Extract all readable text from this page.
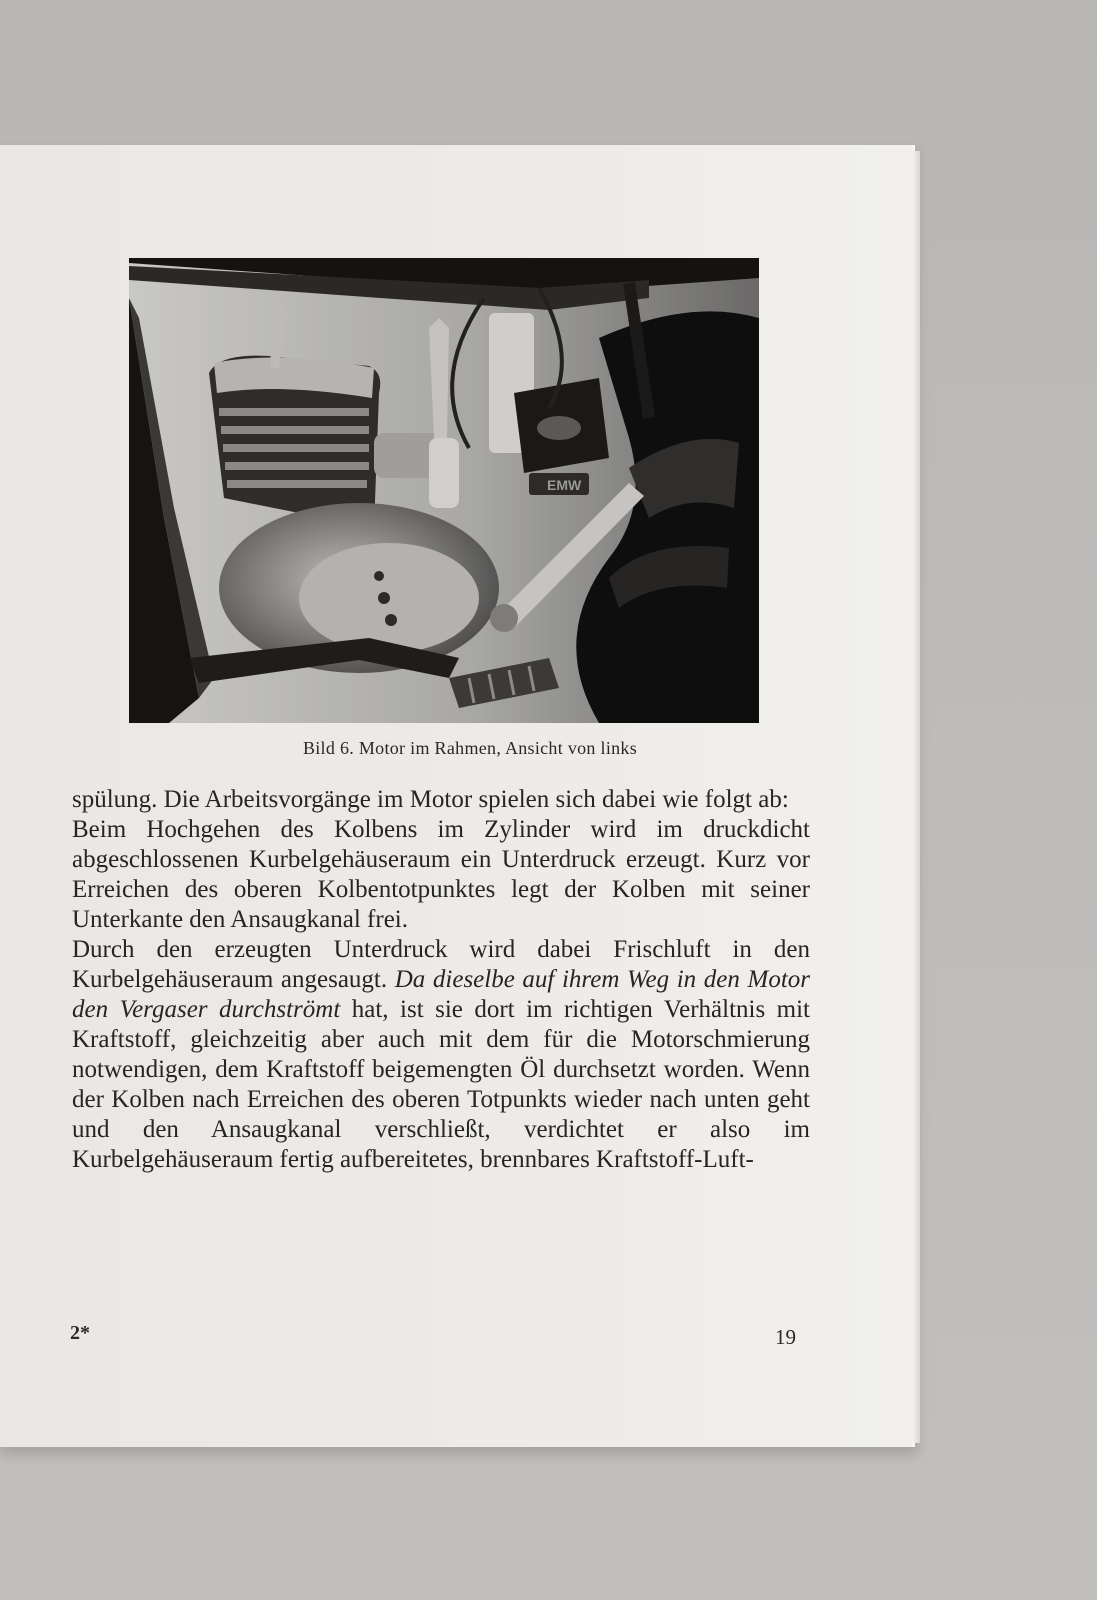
EMW
Bild 6. Motor im Rahmen, Ansicht von links

spülung. Die Arbeitsvorgänge im Motor spielen sich dabei wie folgt ab:

Beim Hochgehen des Kolbens im Zylinder wird im druckdicht abgeschlossenen Kurbelgehäuseraum ein Unterdruck erzeugt. Kurz vor Erreichen des oberen Kolbentotpunktes legt der Kolben mit seiner Unterkante den Ansaugkanal frei.

Durch den erzeugten Unterdruck wird dabei Frischluft in den Kurbelgehäuseraum angesaugt. Da dieselbe auf ihrem Weg in den Motor den Vergaser durchströmt hat, ist sie dort im richtigen Verhältnis mit Kraftstoff, gleichzeitig aber auch mit dem für die Motorschmierung notwendigen, dem Kraftstoff beigemengten Öl durchsetzt worden. Wenn der Kolben nach Erreichen des oberen Totpunkts wieder nach unten geht und den Ansaugkanal verschließt, verdichtet er also im Kurbelgehäuseraum fertig aufbereitetes, brennbares Kraftstoff-Luft-

2*	19
